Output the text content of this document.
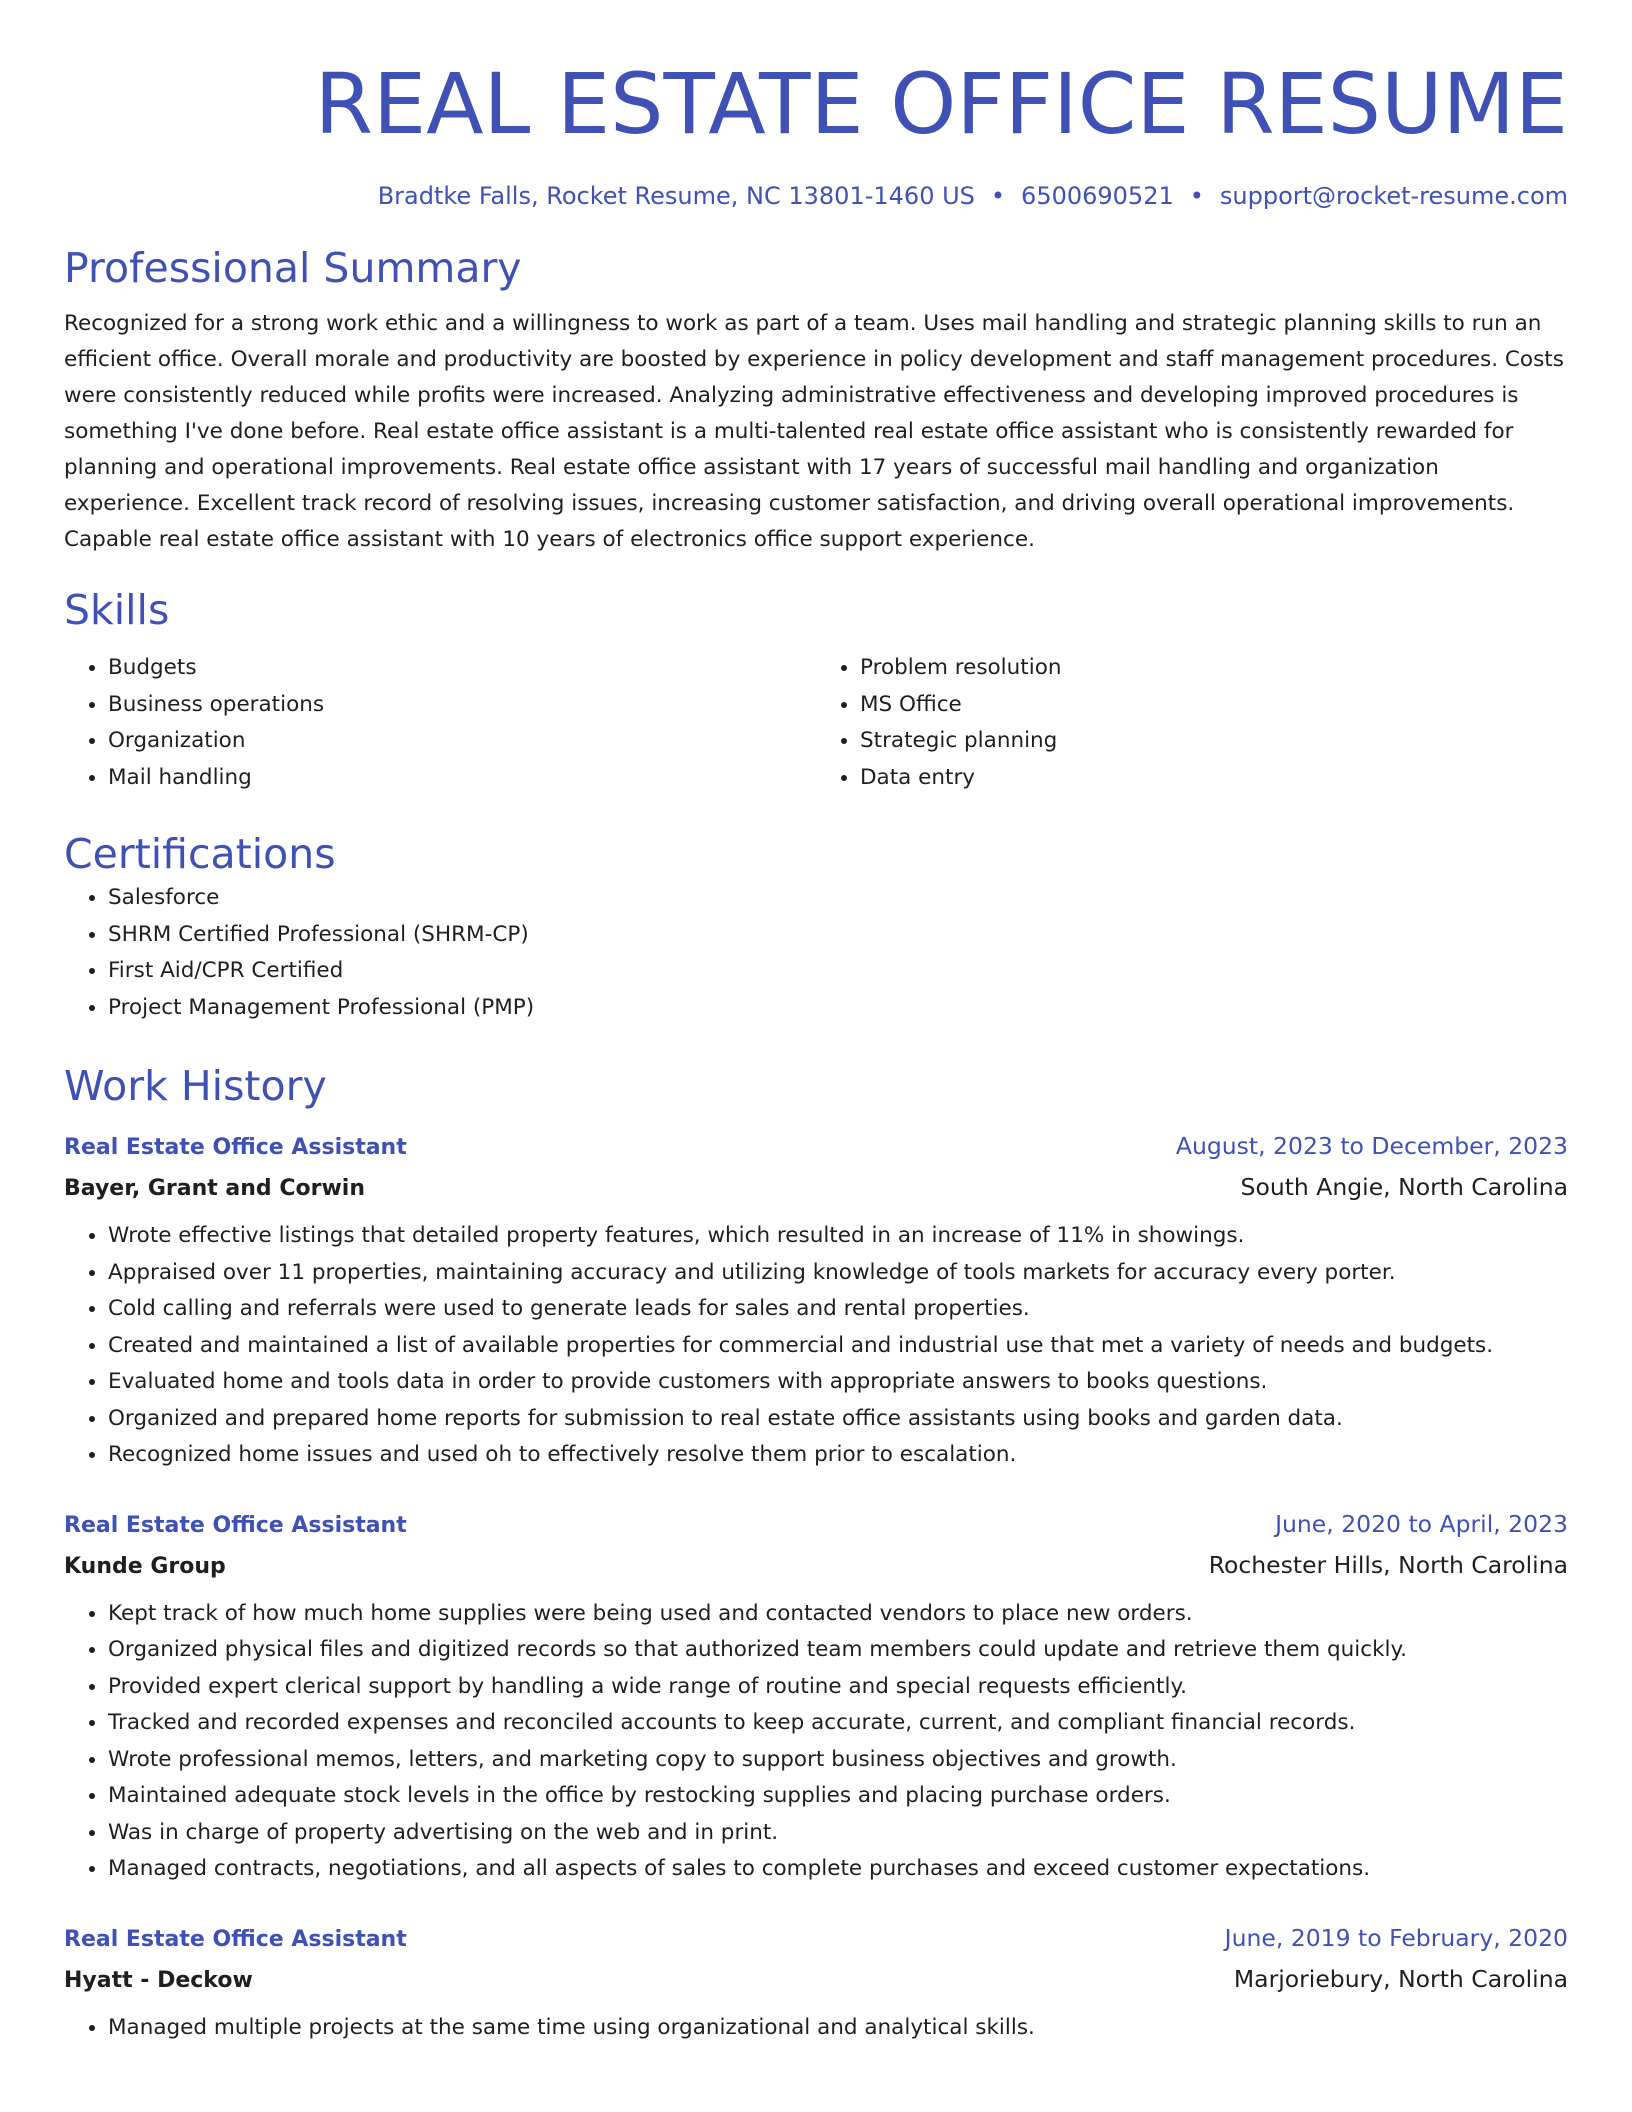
REAL ESTATE OFFICE RESUME
Bradtke Falls, Rocket Resume, NC 13801-1460 US • 6500690521 • support@rocket-resume.com
Professional Summary

Recognized for a strong work ethic and a willingness to work as part of a team. Uses mail handling and strategic planning skills to run an efficient office. Overall morale and productivity are boosted by experience in policy development and staff management procedures. Costs were consistently reduced while profits were increased. Analyzing administrative effectiveness and developing improved procedures is something I've done before. Real estate office assistant is a multi-talented real estate office assistant who is consistently rewarded for planning and operational improvements. Real estate office assistant with 17 years of successful mail handling and organization experience. Excellent track record of resolving issues, increasing customer satisfaction, and driving overall operational improvements. Capable real estate office assistant with 10 years of electronics office support experience.

Skills
• Budgets
• Business operations
• Organization
• Mail handling
• Problem resolution
• MS Office
• Strategic planning
• Data entry
Certifications
• Salesforce
• SHRM Certified Professional (SHRM-CP)
• First Aid/CPR Certified
• Project Management Professional (PMP)
Work History
Real Estate Office Assistant	August, 2023 to December, 2023
Bayer, Grant and Corwin	South Angie, North Carolina
• Wrote effective listings that detailed property features, which resulted in an increase of 11% in showings.
• Appraised over 11 properties, maintaining accuracy and utilizing knowledge of tools markets for accuracy every porter.
• Cold calling and referrals were used to generate leads for sales and rental properties.
• Created and maintained a list of available properties for commercial and industrial use that met a variety of needs and budgets.
• Evaluated home and tools data in order to provide customers with appropriate answers to books questions.
• Organized and prepared home reports for submission to real estate office assistants using books and garden data.
• Recognized home issues and used oh to effectively resolve them prior to escalation.
Real Estate Office Assistant	June, 2020 to April, 2023
Kunde Group	Rochester Hills, North Carolina
• Kept track of how much home supplies were being used and contacted vendors to place new orders.
• Organized physical files and digitized records so that authorized team members could update and retrieve them quickly.
• Provided expert clerical support by handling a wide range of routine and special requests efficiently.
• Tracked and recorded expenses and reconciled accounts to keep accurate, current, and compliant financial records.
• Wrote professional memos, letters, and marketing copy to support business objectives and growth.
• Maintained adequate stock levels in the office by restocking supplies and placing purchase orders.
• Was in charge of property advertising on the web and in print.
• Managed contracts, negotiations, and all aspects of sales to complete purchases and exceed customer expectations.
Real Estate Office Assistant	June, 2019 to February, 2020
Hyatt - Deckow	Marjoriebury, North Carolina
• Managed multiple projects at the same time using organizational and analytical skills.
